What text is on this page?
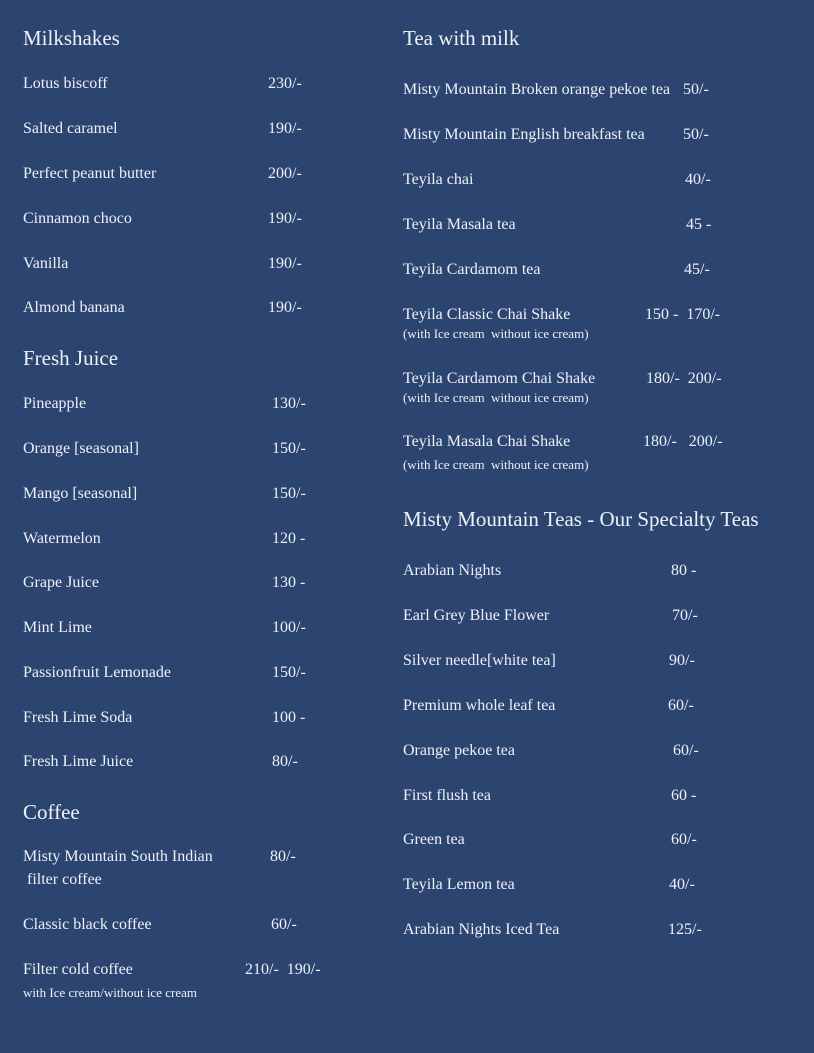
Milkshakes
Lotus biscoff	230/-
Salted caramel	190/-
Perfect peanut butter	200/-
Cinnamon choco	190/-
Vanilla	190/-
Almond banana	190/-
Fresh Juice
Pineapple	130/-
Orange [seasonal]	150/-
Mango [seasonal]	150/-
Watermelon	120 -
Grape Juice	130 -
Mint Lime	100/-
Passionfruit Lemonade	150/-
Fresh Lime Soda	100 -
Fresh Lime Juice	80/-
Coffee
Misty Mountain South Indian	80/-
filter coffee
Classic black coffee	60/-
Filter cold coffee	210/-  190/-
with Ice cream/without ice cream
Tea with milk
Misty Mountain Broken orange pekoe tea 50/-
Misty Mountain English breakfast tea 50/-
Teyila chai	40/-
Teyila Masala tea	45 -
Teyila Cardamom tea	45/-
Teyila Classic Chai Shake	150 -  170/-
(with Ice cream  without ice cream)
Teyila Cardamom Chai Shake	180/-  200/-
(with Ice cream  without ice cream)
Teyila Masala Chai Shake	180/-   200/-
(with Ice cream  without ice cream)
Misty Mountain Teas - Our Specialty Teas
Arabian Nights	80 -
Earl Grey Blue Flower	70/-
Silver needle[white tea]	90/-
Premium whole leaf tea	60/-
Orange pekoe tea	60/-
First flush tea	60 -
Green tea	60/-
Teyila Lemon tea	40/-
Arabian Nights Iced Tea	125/-
